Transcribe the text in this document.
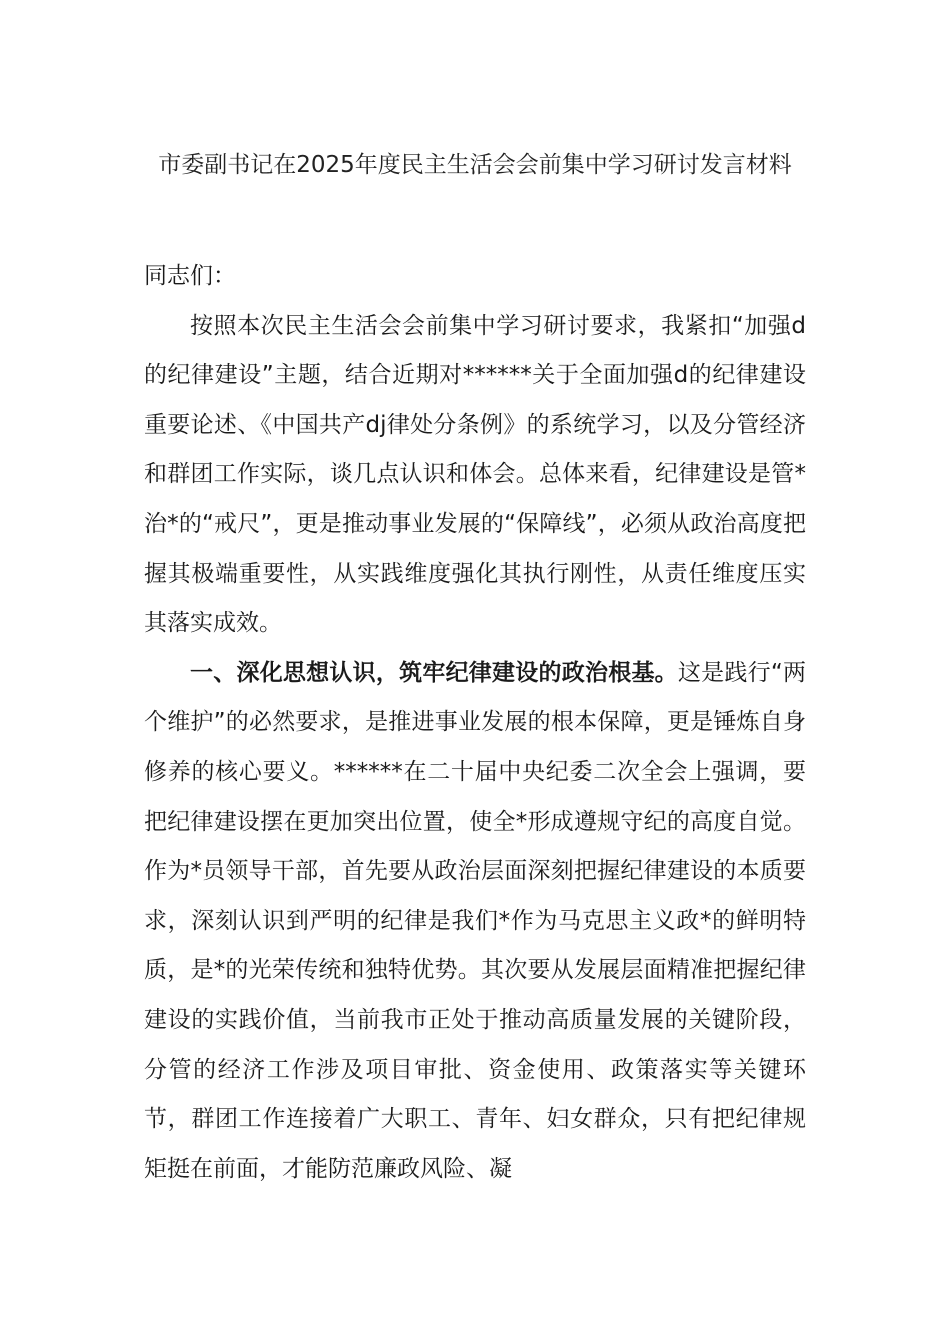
市委副书记在2025年度民主生活会会前集中学习研讨发言材料

同志们：

按照本次民主生活会会前集中学习研讨要求，我紧扣“加强d的纪律建设”主题，结合近期对******关于全面加强d的纪律建设重要论述、《中国共产dj律处分条例》的系统学习，以及分管经济和群团工作实际，谈几点认识和体会。总体来看，纪律建设是管*治*的“戒尺”，更是推动事业发展的“保障线”，必须从政治高度把握其极端重要性，从实践维度强化其执行刚性，从责任维度压实其落实成效。

一、深化思想认识，筑牢纪律建设的政治根基。这是践行“两个维护”的必然要求，是推进事业发展的根本保障，更是锤炼自身修养的核心要义。******在二十届中央纪委二次全会上强调，要把纪律建设摆在更加突出位置，使全*形成遵规守纪的高度自觉。作为*员领导干部，首先要从政治层面深刻把握纪律建设的本质要求，深刻认识到严明的纪律是我们*作为马克思主义政*的鲜明特质，是*的光荣传统和独特优势。其次要从发展层面精准把握纪律建设的实践价值，当前我市正处于推动高质量发展的关键阶段，分管的经济工作涉及项目审批、资金使用、政策落实等关键环节，群团工作连接着广大职工、青年、妇女群众，只有把纪律规矩挺在前面，才能防范廉政风险、凝
